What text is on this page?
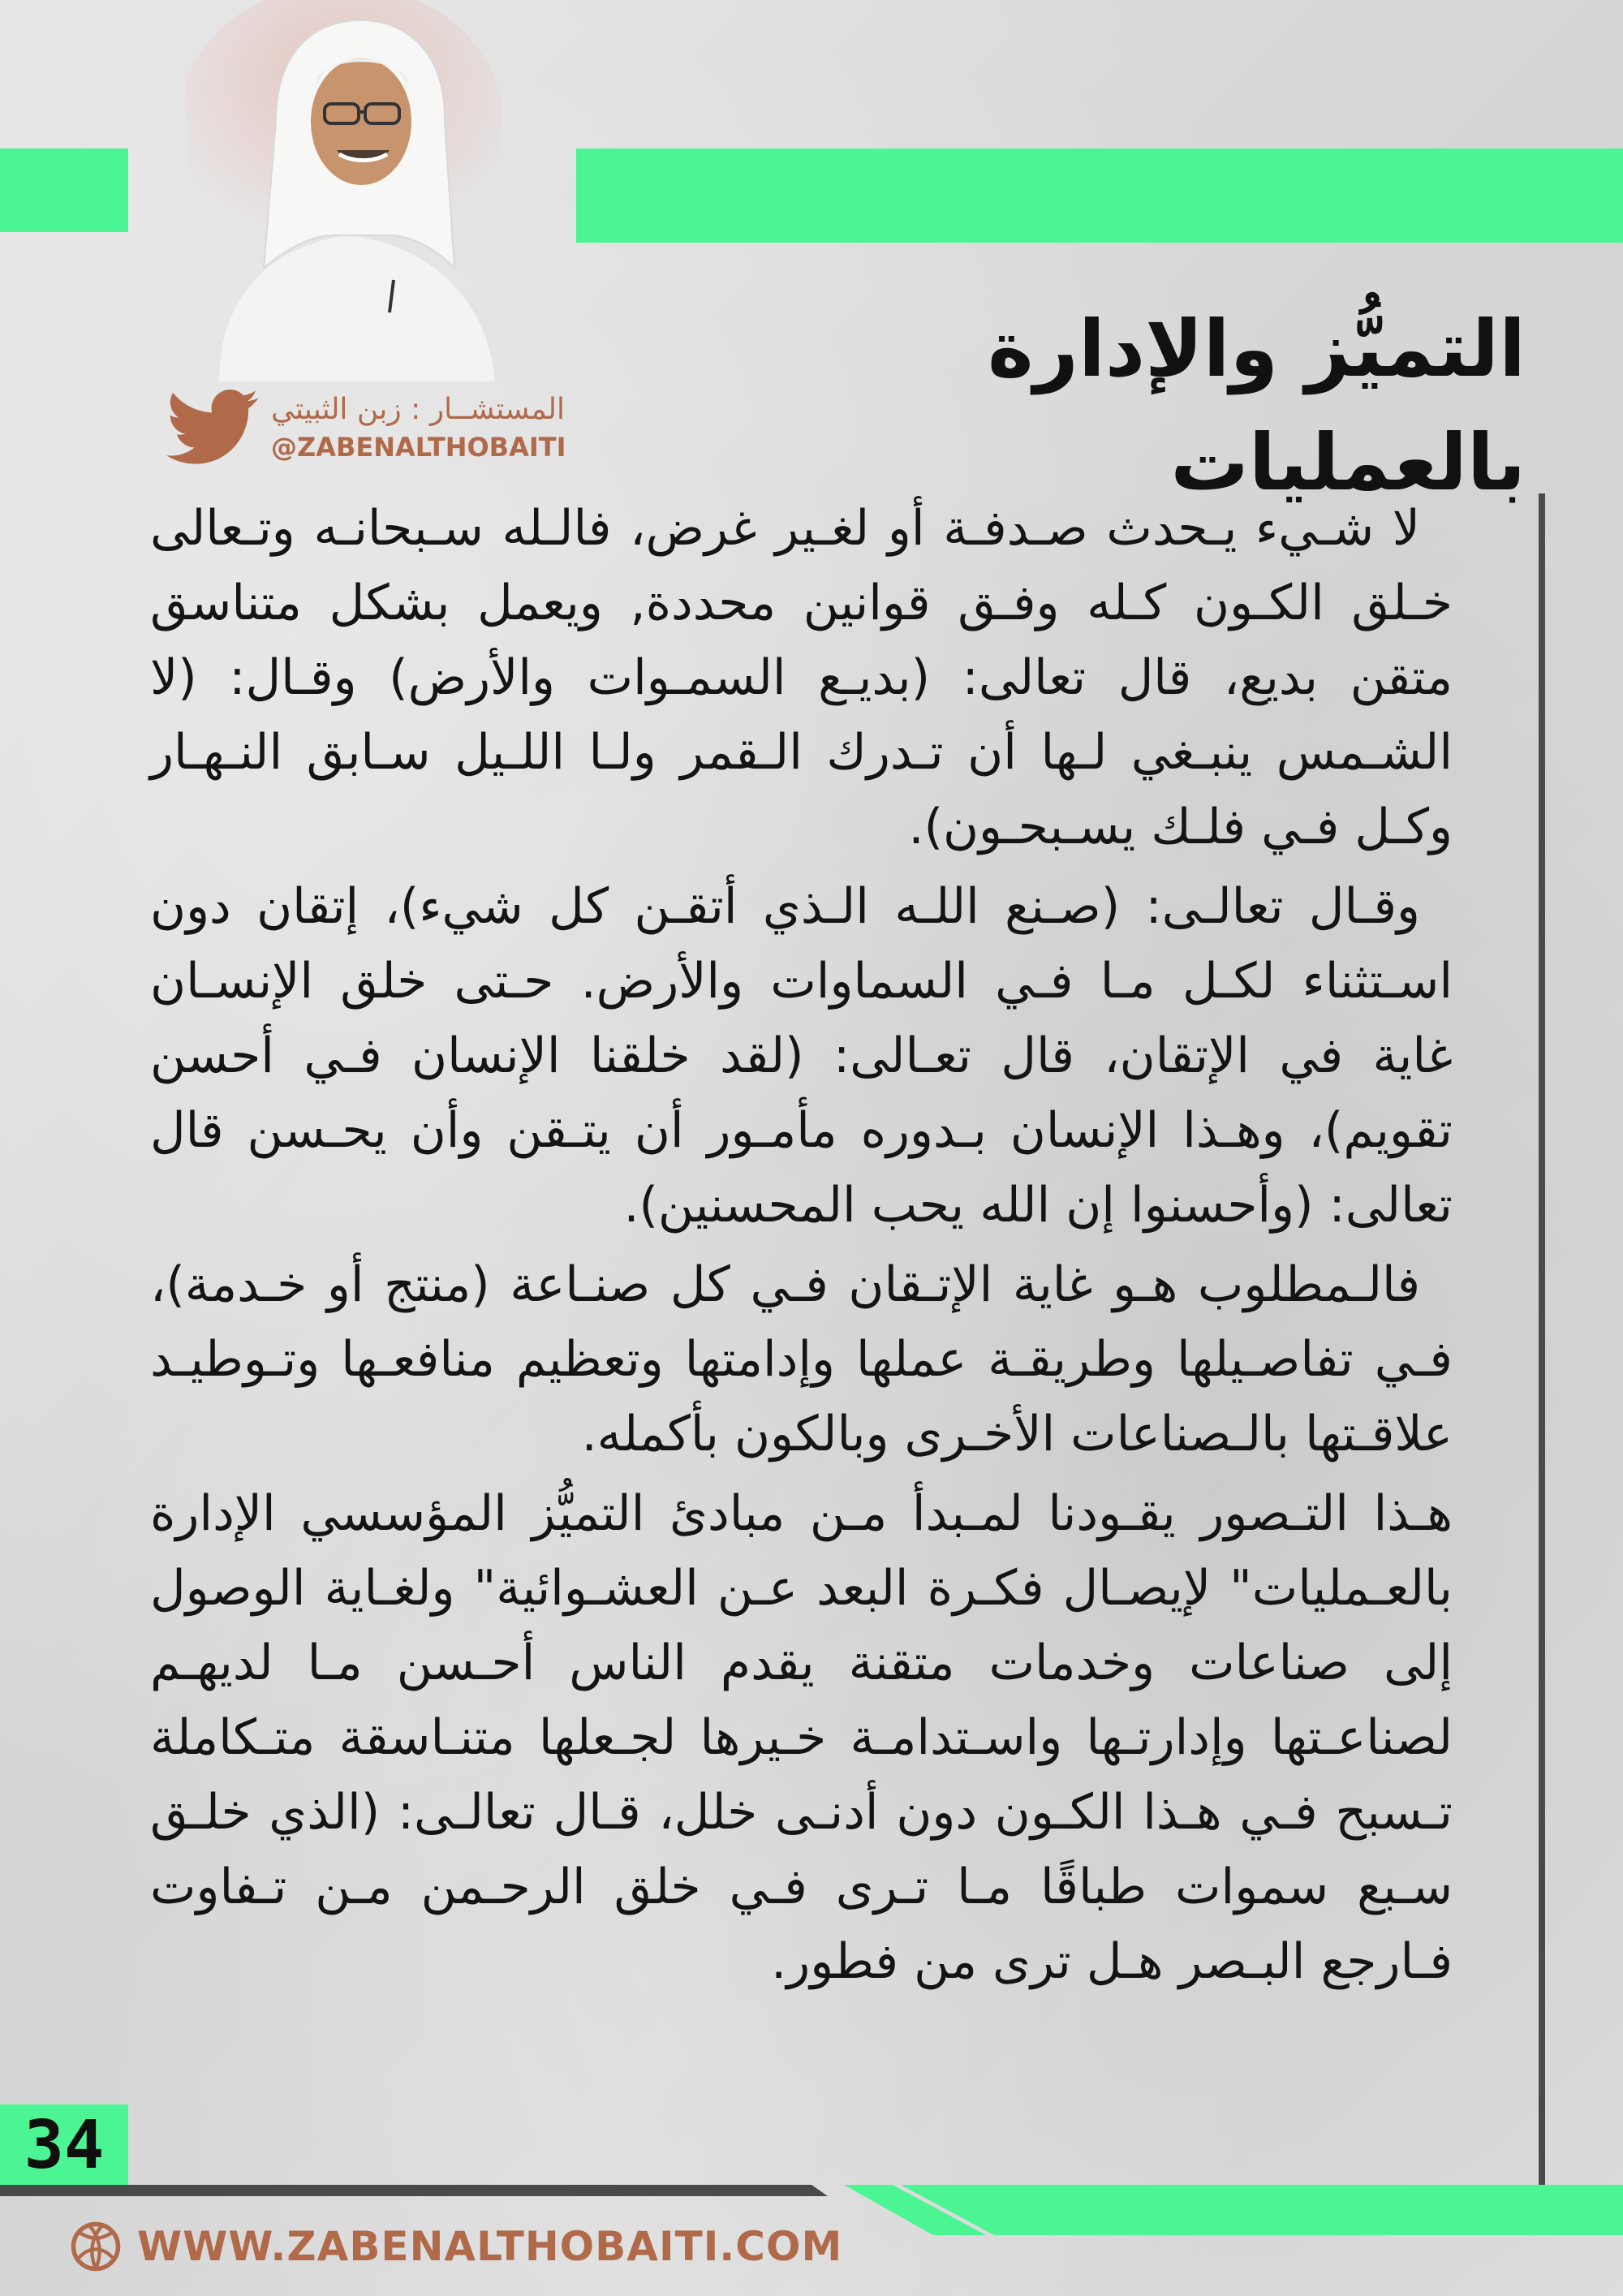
التميُّز والإدارة بالعمليات
المستشــار : زبن الثبيتي
@ZABENALTHOBAITI

لا شـيء يـحدث صـدفـة أو لغـير غرض، فالـله سـبحانـه وتـعالى خـلق الكـون كـله وفـق قوانين محددة, ويعمل بشكل متناسق متقن بديع، قال تعالى: (بديـع السمـوات والأرض) وقـال: (لا الشـمس ينبـغي لـها أن تـدرك الـقمر ولـا اللـيل سـابق النـهـار وكـل فـي فلـك يسـبحـون).

وقـال تعالـى: (صـنع اللـه الـذي أتقـن كل شيء)، إتقان دون اسـتثناء لكـل مـا فـي السماوات والأرض. حـتى خلق الإنسـان غاية في الإتقان، قال تعـالى: (لقد خلقنا الإنسان فـي أحسن تقويم)، وهـذا الإنسان بـدوره مأمـور أن يتـقن وأن يحـسن قال تعالى: (وأحسنوا إن الله يحب المحسنين).

فالـمطلوب هـو غاية الإتـقان فـي كل صنـاعة (منتج أو خـدمة)، فـي تفاصـيلها وطريقـة عملها وإدامتها وتعظيم منافعـها وتـوطيـد علاقـتها بالـصناعات الأخـرى وبالكون بأكمله.

هـذا التـصور يقـودنا لمـبدأ مـن مبادئ التميُّز المؤسسي الإدارة بالعـمليات" لإيصـال فكـرة البعد عـن العشـوائية" ولغـاية الوصول إلى صناعات وخدمات متقنة يقدم الناس أحـسن مـا لديهـم لصناعـتها وإدارتـها واسـتدامـة خـيرها لجـعلها متنـاسقة متـكاملة تـسبح فـي هـذا الكـون دون أدنـى خلل، قـال تعالـى: (الذي خلـق سـبع سموات طباقًا مـا تـرى فـي خلق الرحـمن مـن تـفاوت فـارجع البـصر هـل ترى من فطور.

34
WWW.ZABENALTHOBAITI.COM
